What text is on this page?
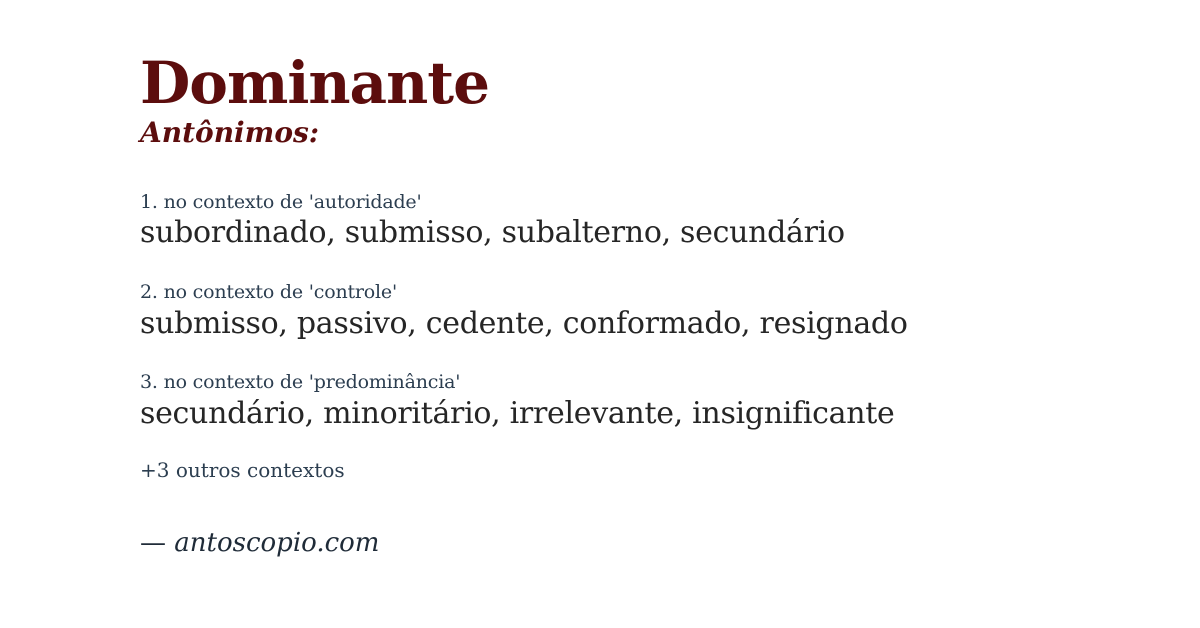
Dominante
Antônimos:
1. no contexto de 'autoridade'
subordinado, submisso, subalterno, secundário
2. no contexto de 'controle'
submisso, passivo, cedente, conformado, resignado
3. no contexto de 'predominância'
secundário, minoritário, irrelevante, insignificante
+3 outros contextos
— antoscopio.com
